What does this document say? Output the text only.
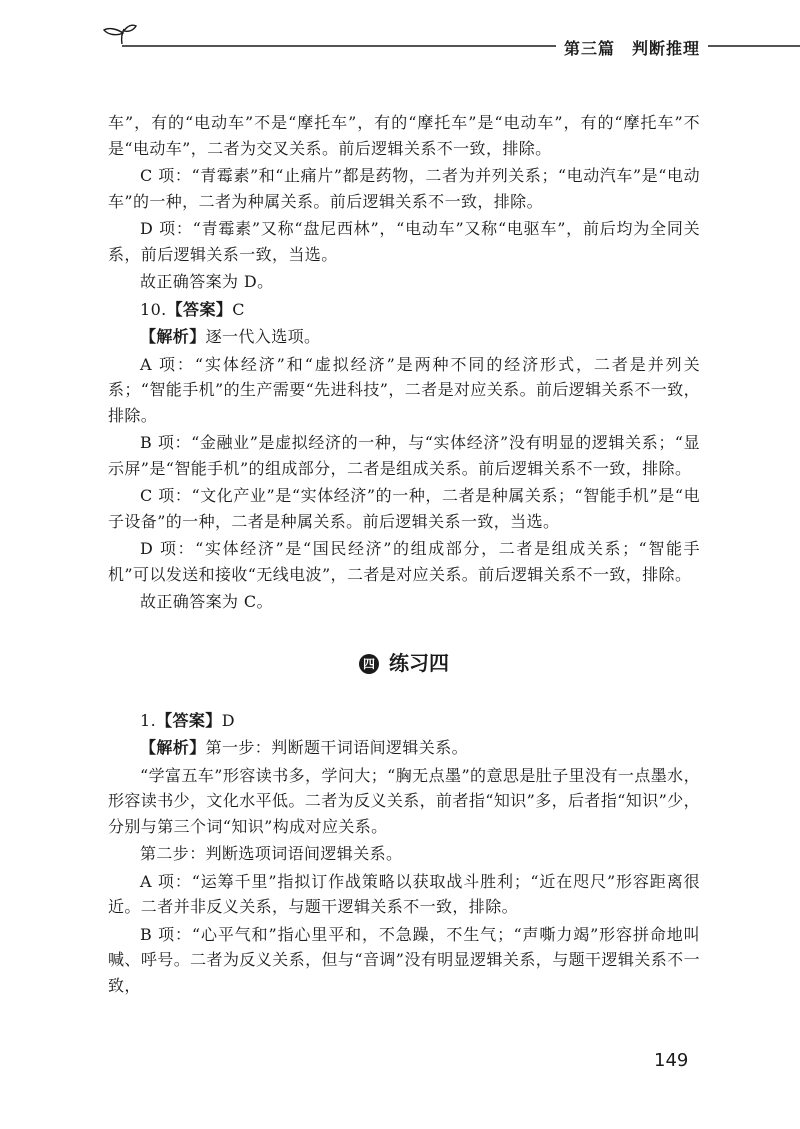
第三篇　判断推理

车”，有的“电动车”不是“摩托车”，有的“摩托车”是“电动车”，有的“摩托车”不是“电动车”，二者为交叉关系。前后逻辑关系不一致，排除。

C 项：“青霉素”和“止痛片”都是药物，二者为并列关系；“电动汽车”是“电动车”的一种，二者为种属关系。前后逻辑关系不一致，排除。

D 项：“青霉素”又称“盘尼西林”，“电动车”又称“电驱车”，前后均为全同关系，前后逻辑关系一致，当选。

故正确答案为 D。

10.【答案】C

【解析】逐一代入选项。

A 项：“实体经济”和“虚拟经济”是两种不同的经济形式，二者是并列关系；“智能手机”的生产需要“先进科技”，二者是对应关系。前后逻辑关系不一致，排除。

B 项：“金融业”是虚拟经济的一种，与“实体经济”没有明显的逻辑关系；“显示屏”是“智能手机”的组成部分，二者是组成关系。前后逻辑关系不一致，排除。

C 项：“文化产业”是“实体经济”的一种，二者是种属关系；“智能手机”是“电子设备”的一种，二者是种属关系。前后逻辑关系一致，当选。

D 项：“实体经济”是“国民经济”的组成部分，二者是组成关系；“智能手机”可以发送和接收“无线电波”，二者是对应关系。前后逻辑关系不一致，排除。

故正确答案为 C。

四 练习四

1.【答案】D

【解析】第一步：判断题干词语间逻辑关系。

“学富五车”形容读书多，学问大；“胸无点墨”的意思是肚子里没有一点墨水，形容读书少，文化水平低。二者为反义关系，前者指“知识”多，后者指“知识”少，分别与第三个词“知识”构成对应关系。

第二步：判断选项词语间逻辑关系。

A 项：“运筹千里”指拟订作战策略以获取战斗胜利；“近在咫尺”形容距离很近。二者并非反义关系，与题干逻辑关系不一致，排除。

B 项：“心平气和”指心里平和，不急躁，不生气；“声嘶力竭”形容拼命地叫喊、呼号。二者为反义关系，但与“音调”没有明显逻辑关系，与题干逻辑关系不一致，

149
